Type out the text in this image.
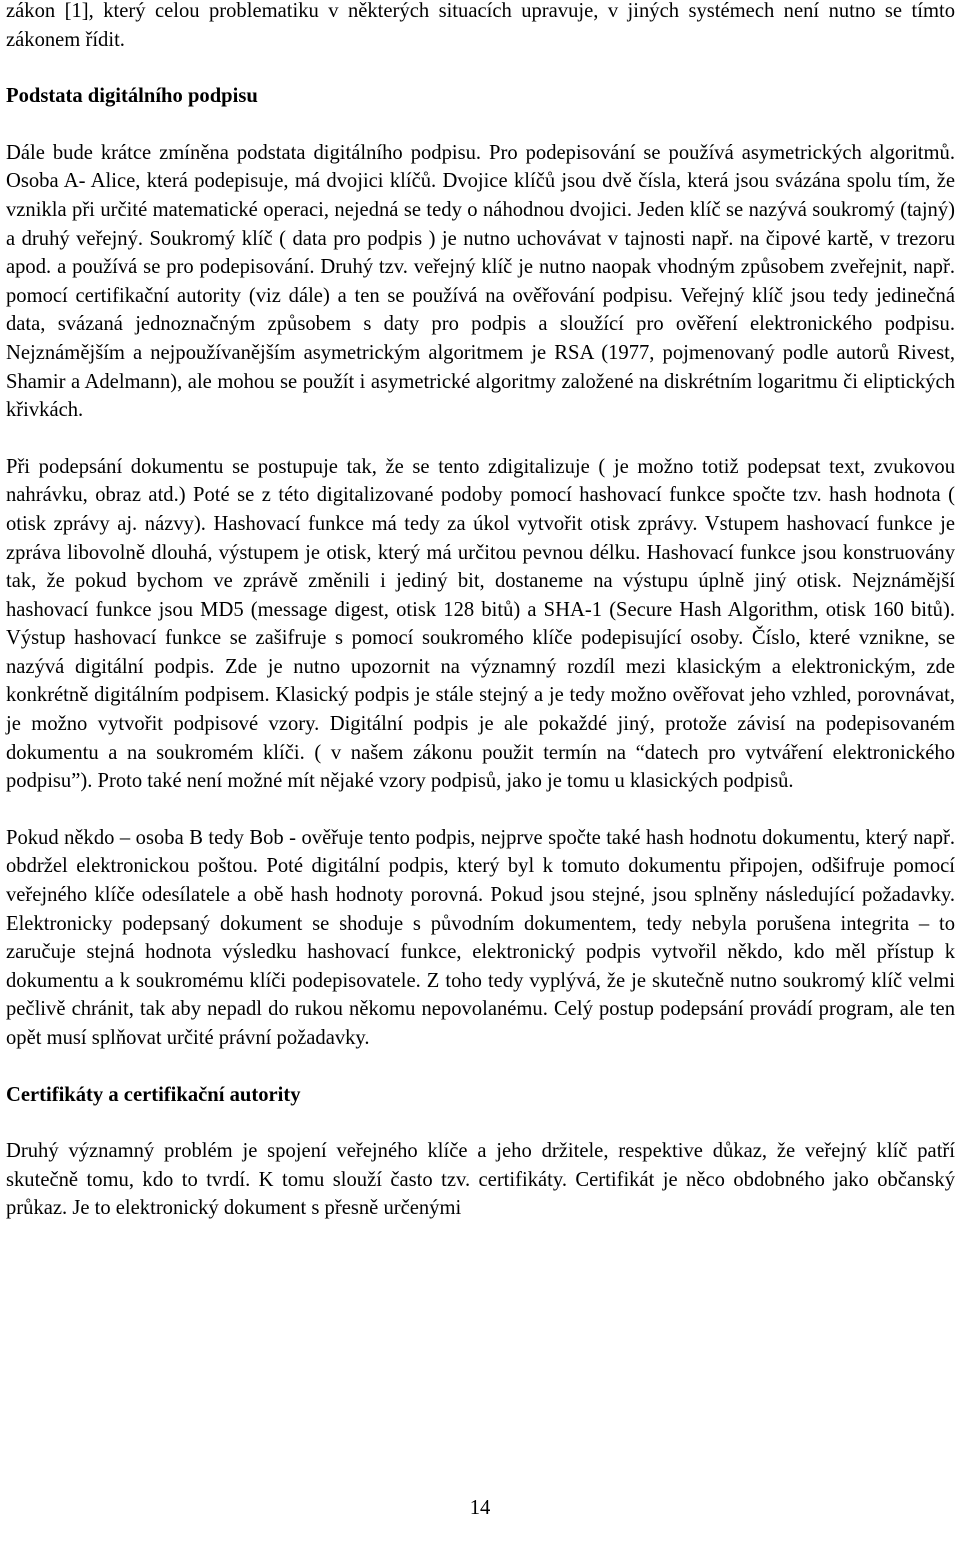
zákon [1], který celou problematiku v některých situacích upravuje, v jiných systémech není nutno se tímto zákonem řídit.

Podstata digitálního podpisu

Dále bude krátce zmíněna podstata digitálního podpisu. Pro podepisování se používá asymetrických algoritmů. Osoba A- Alice, která podepisuje, má dvojici klíčů. Dvojice klíčů jsou dvě čísla, která jsou svázána spolu tím, že vznikla při určité matematické operaci, nejedná se tedy o náhodnou dvojici. Jeden klíč se nazývá soukromý (tajný) a druhý veřejný. Soukromý klíč ( data pro podpis ) je nutno uchovávat v tajnosti např. na čipové kartě, v trezoru apod. a používá se pro podepisování. Druhý tzv. veřejný klíč je nutno naopak vhodným způsobem zveřejnit, např. pomocí certifikační autority (viz dále) a ten se používá na ověřování podpisu. Veřejný klíč jsou tedy jedinečná data, svázaná jednoznačným způsobem s daty pro podpis a sloužící pro ověření elektronického podpisu. Nejznámějším a nejpoužívanějším asymetrickým algoritmem je RSA (1977, pojmenovaný podle autorů Rivest, Shamir a Adelmann), ale mohou se použít i asymetrické algoritmy založené na diskrétním logaritmu či eliptických křivkách.

Při podepsání dokumentu se postupuje tak, že se tento zdigitalizuje ( je možno totiž podepsat text, zvukovou nahrávku, obraz atd.) Poté se z této digitalizované podoby pomocí hashovací funkce spočte tzv. hash hodnota ( otisk zprávy aj. názvy). Hashovací funkce má tedy za úkol vytvořit otisk zprávy. Vstupem hashovací funkce je zpráva libovolně dlouhá, výstupem je otisk, který má určitou pevnou délku. Hashovací funkce jsou konstruovány tak, že pokud bychom ve zprávě změnili i jediný bit, dostaneme na výstupu úplně jiný otisk. Nejznámější hashovací funkce jsou MD5 (message digest, otisk 128 bitů) a SHA-1 (Secure Hash Algorithm, otisk 160 bitů). Výstup hashovací funkce se zašifruje s pomocí soukromého klíče podepisující osoby. Číslo, které vznikne, se nazývá digitální podpis. Zde je nutno upozornit na významný rozdíl mezi klasickým a elektronickým, zde konkrétně digitálním podpisem. Klasický podpis je stále stejný a je tedy možno ověřovat jeho vzhled, porovnávat, je možno vytvořit podpisové vzory. Digitální podpis je ale pokaždé jiný, protože závisí na podepisovaném dokumentu a na soukromém klíči. ( v našem zákonu použit termín na “datech pro vytváření elektronického podpisu”). Proto také není možné mít nějaké vzory podpisů, jako je tomu u klasických podpisů.

Pokud někdo – osoba B tedy Bob - ověřuje tento podpis, nejprve spočte také hash hodnotu dokumentu, který např. obdržel elektronickou poštou. Poté digitální podpis, který byl k tomuto dokumentu připojen, odšifruje pomocí veřejného klíče odesílatele a obě hash hodnoty porovná. Pokud jsou stejné, jsou splněny následující požadavky. Elektronicky podepsaný dokument se shoduje s původním dokumentem, tedy nebyla porušena integrita – to zaručuje stejná hodnota výsledku hashovací funkce, elektronický podpis vytvořil někdo, kdo měl přístup k dokumentu a k soukromému klíči podepisovatele. Z toho tedy vyplývá, že je skutečně nutno soukromý klíč velmi pečlivě chránit, tak aby nepadl do rukou někomu nepovolanému. Celý postup podepsání provádí program, ale ten opět musí splňovat určité právní požadavky.

Certifikáty a certifikační autority

Druhý významný problém je spojení veřejného klíče a jeho držitele, respektive důkaz, že veřejný klíč patří skutečně tomu, kdo to tvrdí. K tomu slouží často tzv. certifikáty. Certifikát je něco obdobného jako občanský průkaz. Je to elektronický dokument s přesně určenými

14
